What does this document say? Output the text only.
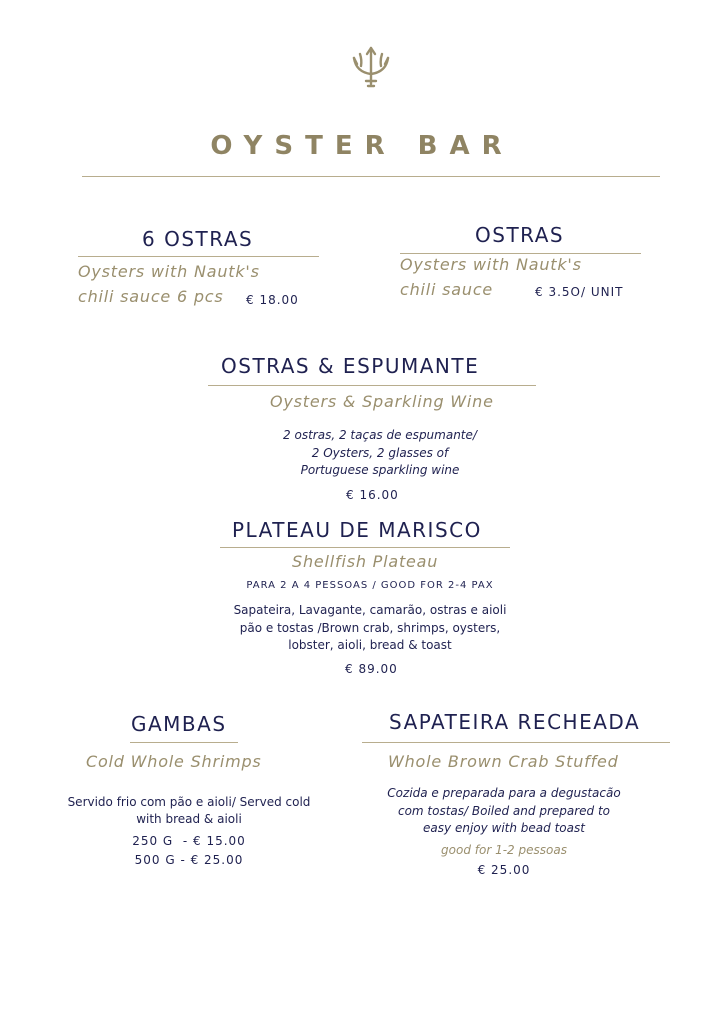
OYSTER BAR
6 OSTRAS
Oysters with Nautk's
chili sauce 6 pcs € 18.00
OSTRAS
Oysters with Nautk's
chili sauce	€ 3.5O/ UNIT
OSTRAS & ESPUMANTE
Oysters & Sparkling Wine
2 ostras, 2 taças de espumante/
2 Oysters, 2 glasses of
Portuguese sparkling wine
€ 16.00
PLATEAU DE MARISCO
Shellfish Plateau
PARA 2 A 4 PESSOAS / GOOD FOR 2-4 PAX
Sapateira, Lavagante, camarão, ostras e aioli
pão e tostas /Brown crab, shrimps, oysters,
lobster, aioli, bread & toast
€ 89.00
GAMBAS
Cold Whole Shrimps
Servido frio com pão e aioli/ Served cold
with bread & aioli
250 G  - € 15.00
500 G - € 25.00
SAPATEIRA RECHEADA
Whole Brown Crab Stuffed
Cozida e preparada para a degustacão
com tostas/ Boiled and prepared to
easy enjoy with bead toast
good for 1-2 pessoas
€ 25.00
